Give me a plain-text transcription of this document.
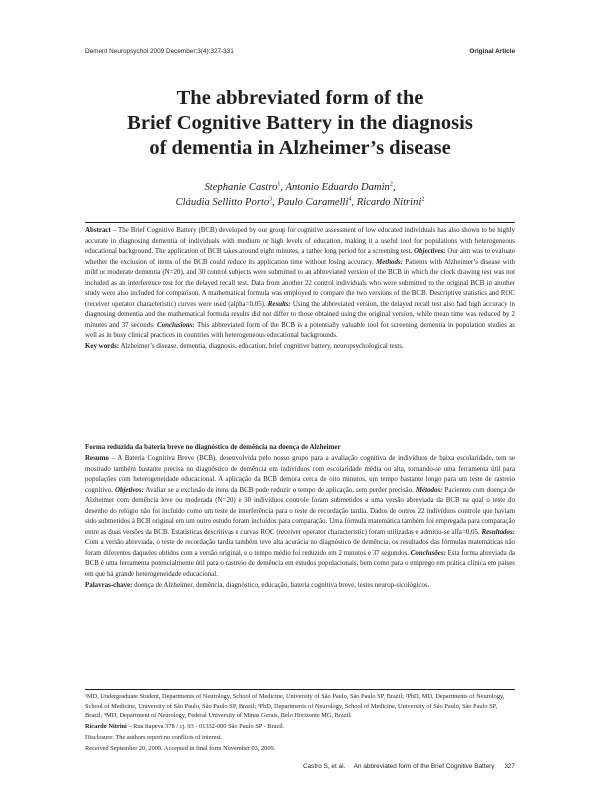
Dement Neuropsychol 2009 December;3(4):327-331	Original Article
The abbreviated form of the
Brief Cognitive Battery in the diagnosis
of dementia in Alzheimer’s disease
Stephanie Castro$^1$, Antonio Eduardo Damin$^2$,
Cláudia Sellitto Porto$^3$, Paulo Caramelli$^4$, Ricardo Nitrini$^2$
Abstract – The Brief Cognitive Battery (BCB) developed by our group for cognitive assessment of low educated individuals has also shown to be highly accurate in diagnosing dementia of individuals with medium or high levels of education, making it a useful tool for populations with heterogeneous educational background. The application of BCB takes around eight minutes, a rather long period for a screening test. Objectives: Our aim was to evaluate whether the exclusion of items of the BCB could reduce its application time without losing accuracy. Methods: Patients with Alzheimer’s disease with mild or moderate dementia (N=20), and 30 control subjects were submitted to an abbreviated version of the BCB in which the clock drawing test was not included as an interference test for the delayed recall test. Data from another 22 control individuals who were submitted to the original BCB in another study were also included for comparison. A mathematical formula was employed to compare the two versions of the BCB. Descriptive statistics and ROC (receiver operator characteristic) curves were used (alpha=0.05). Results: Using the abbreviated version, the delayed recall test also had high accuracy in diagnosing dementia and the mathematical formula results did not differ to those obtained using the original version, while mean time was reduced by 2 minutes and 37 seconds. Conclusions: This abbreviated form of the BCB is a potentially valuable tool for screening dementia in population studies as well as in busy clinical practices in countries with heterogeneous educational backgrounds.
Key words: Alzheimer’s disease, dementia, diagnosis, education, brief cognitive battery, neuropsychological tests.
Forma reduzida da bateria breve no diagnóstico de demência na doença de Alzheimer
Resumo – A Bateria Cognitiva Breve (BCB), desenvolvida pelo nosso grupo para a avaliação cognitiva de indivíduos de baixa escolaridade, tem se mostrado também bastante precisa no diagnóstico de demência em indivíduos com escolaridade média ou alta, tornando-se uma ferramenta útil para populações com heterogeneidade educacional. A aplicação da BCB demora cerca de oito minutos, um tempo bastante longo para um teste de rastreio cognitivo. Objetivos: Avaliar se a exclusão de itens da BCB pode reduzir o tempo de aplicação, sem perder precisão. Métodos: Pacientes com doença de Alzheimer com demência leve ou moderada (N=20) e 30 indivíduos controle foram submetidos a uma versão abreviada da BCB na qual o teste do desenho do relógio não foi incluído como um teste de interferência para o teste de recordação tardia. Dados de outros 22 indivíduos controle que haviam sido submetidos à BCB original em um outro estudo foram incluídos para comparação. Uma fórmula matemática também foi empregada para comparação entre as duas versões da BCB. Estatísticas descritivas e curvas ROC (receiver operator characteristic) foram utilizadas e admitiu-se alfa=0,05. Resultados: Com a versão abreviada, o teste de recordação tardia também teve alta acurácia no diagnóstico de demência, os resultados das fórmulas matemáticas não foram diferentes daqueles obtidos com a versão original, e o tempo médio foi reduzido em 2 minutos e 37 segundos. Conclusões: Esta forma abreviada da BCB é uma ferramenta potencialmente útil para o rastreio de demência em estudos populacionais, bem como para o emprego em prática clínica em países em que há grande heterogeneidade educacional.
Palavras-chave: doença de Alzheimer, demência, diagnóstico, educação, bateria cognitiva breve, testes neurop-sicológicos.
¹MD, Undergraduate Student, Departments of Neurology, School of Medicine, University of São Paulo, São Paulo SP, Brazil; ²PhD, MD, Departments of Neurology, School of Medicine, University of São Paulo, São Paulo SP, Brazil; ³PhD, Departments of Neurology, School of Medicine, University of São Paulo, São Paulo SP, Brazil; ⁴MD, Department of Neurology, Federal University of Minas Gerais, Belo Horizonte MG, Brazil.
Ricardo Nitrini – Rua Itapeva 378 / cj. 93 - 01332-000 São Paulo SP - Brazil.
Disclosure: The authors report no conflicts of interest.
Received September 20, 2009. Accepted in final form November 03, 2009.
Castro S, et al.     An abbreviated form of the Brief Cognitive Battery 327
